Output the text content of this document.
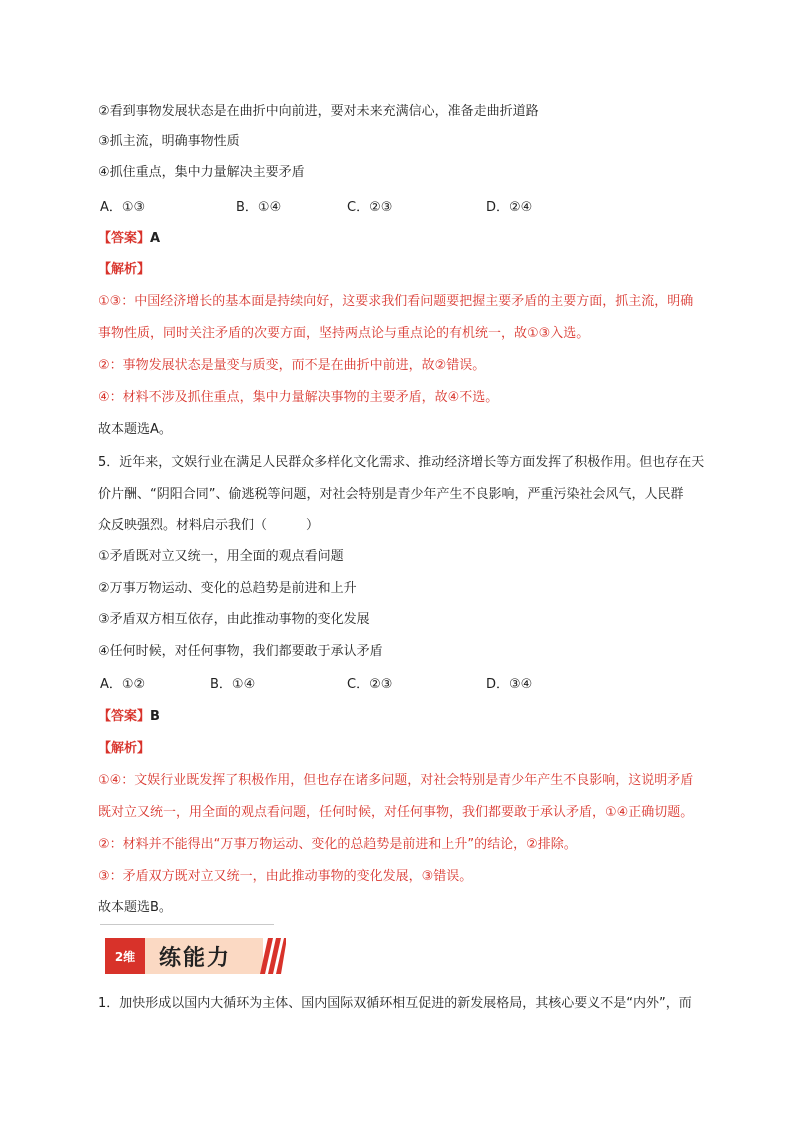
②看到事物发展状态是在曲折中向前进，要对未来充满信心，准备走曲折道路
③抓主流，明确事物性质
④抓住重点，集中力量解决主要矛盾
A．①③	B．①④	C．②③	D．②④
【答案】A
【解析】
①③：中国经济增长的基本面是持续向好，这要求我们看问题要把握主要矛盾的主要方面，抓主流，明确
事物性质，同时关注矛盾的次要方面，坚持两点论与重点论的有机统一，故①③入选。
②：事物发展状态是量变与质变，而不是在曲折中前进，故②错误。
④：材料不涉及抓住重点，集中力量解决事物的主要矛盾，故④不选。
故本题选A。
5．近年来，文娱行业在满足人民群众多样化文化需求、推动经济增长等方面发挥了积极作用。但也存在天
价片酬、“阴阳合同”、偷逃税等问题，对社会特别是青少年产生不良影响，严重污染社会风气，人民群
众反映强烈。材料启示我们（　　　）
①矛盾既对立又统一，用全面的观点看问题
②万事万物运动、变化的总趋势是前进和上升
③矛盾双方相互依存，由此推动事物的变化发展
④任何时候，对任何事物，我们都要敢于承认矛盾
A．①②	B．①④	C．②③	D．③④
【答案】B
【解析】
①④：文娱行业既发挥了积极作用，但也存在诸多问题，对社会特别是青少年产生不良影响，这说明矛盾
既对立又统一，用全面的观点看问题，任何时候，对任何事物，我们都要敢于承认矛盾，①④正确切题。
②：材料并不能得出“万事万物运动、变化的总趋势是前进和上升”的结论，②排除。
③：矛盾双方既对立又统一，由此推动事物的变化发展，③错误。
故本题选B。
2维	练能力
1．加快形成以国内大循环为主体、国内国际双循环相互促进的新发展格局，其核心要义不是“内外”，而
